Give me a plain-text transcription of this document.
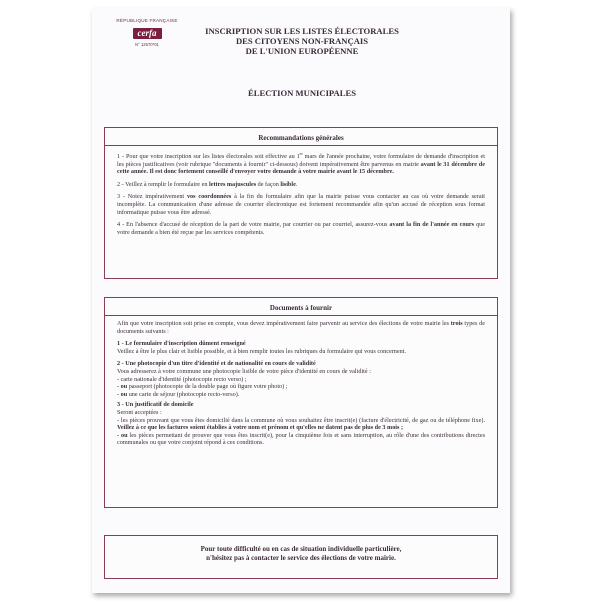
RÉPUBLIQUE FRANÇAISE
cerfa
N° 12670*01
INSCRIPTION SUR LES LISTES ÉLECTORALES
DES CITOYENS NON-FRANÇAIS
DE L'UNION EUROPÉENNE
ÉLECTION MUNICIPALES
Recommandations générales

1 - Pour que votre inscription sur les listes électorales soit effective au 1er mars de l'année prochaine, votre formulaire de demande d'inscription et les pièces justificatives (voir rubrique "documents à fournir" ci-dessous) doivent impérativement être parvenus en mairie avant le 31 décembre de cette année. Il est donc fortement conseillé d'envoyer votre demande à votre mairie avant le 15 décembre.

2 - Veillez à remplir le formulaire en lettres majuscules de façon lisible.

3 - Notez impérativement vos coordonnées à la fin du formulaire afin que la mairie puisse vous contacter au cas où votre demande serait incomplète. La communication d'une adresse de courrier électronique est fortement recommandée afin qu'un accusé de réception sous format informatique puisse vous être adressé.

4 - En l'absence d'accusé de réception de la part de votre mairie, par courrier ou par courriel, assurez-vous avant la fin de l'année en cours que votre demande a bien été reçue par les services compétents.

Documents à fournir

Afin que votre inscription soit prise en compte, vous devez impérativement faire parvenir au service des élections de votre mairie les trois types de documents suivants :

1 - Le formulaire d'inscription dûment renseigné

Veillez à être le plus clair et lisible possible, et à bien remplir toutes les rubriques du formulaire qui vous concernent.

2 - Une photocopie d'un titre d'identité et de nationalité en cours de validité
Vous adresserez à votre commune une photocopie lisible de votre pièce d'identité en cours de validité :
- carte nationale d'identité (photocopie recto verso) ;
- ou passeport (photocopie de la double page où figure votre photo) ;
- ou une carte de séjour (photocopie recto-verso).
3 - Un justificatif de domicile
Seront acceptées :
- les pièces prouvant que vous êtes domicilié dans la commune où vous souhaitez être inscrit(e) (facture d'électricité, de gaz ou de téléphone fixe). Veillez à ce que les factures soient établies à votre nom et prénom et qu'elles ne datent pas de plus de 3 mois ;
- ou les pièces permettant de prouver que vous êtes inscrit(e), pour la cinquième fois et sans interruption, au rôle d'une des contributions directes communales ou que votre conjoint répond à ces conditions.
Pour toute difficulté ou en cas de situation individuelle particulière,
n'hésitez pas à contacter le service des élections de votre mairie.
